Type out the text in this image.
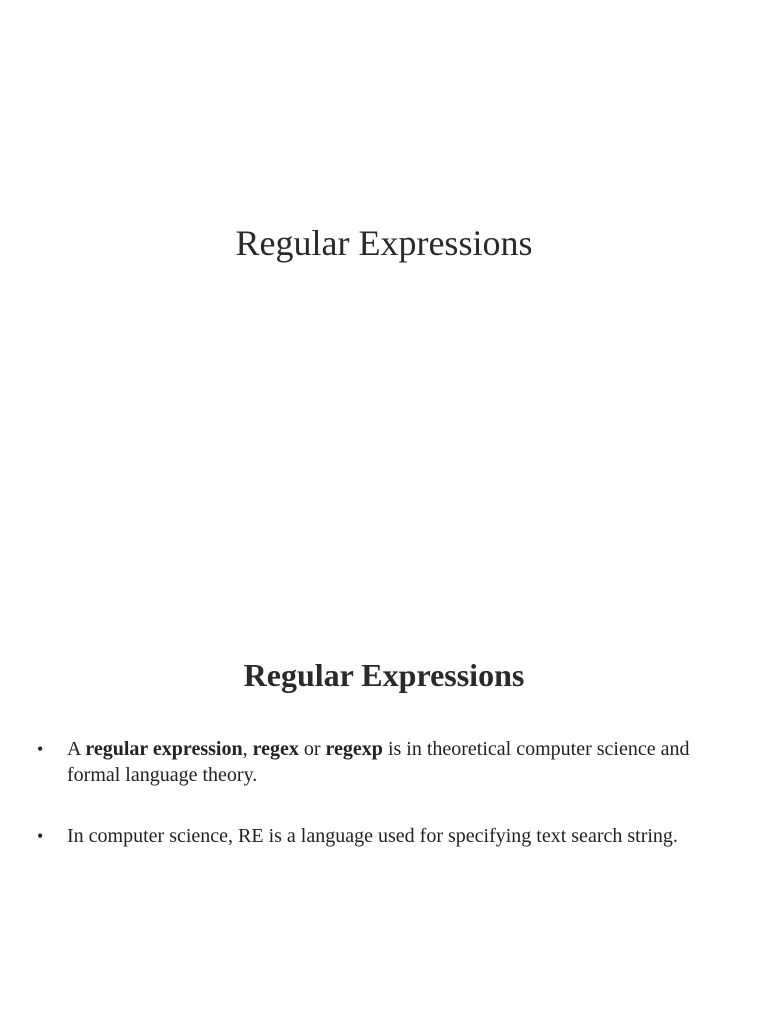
Regular Expressions
Regular Expressions
• A regular expression, regex or regexp is in theoretical computer science and formal language theory.
• In computer science, RE is a language used for specifying text search string.
